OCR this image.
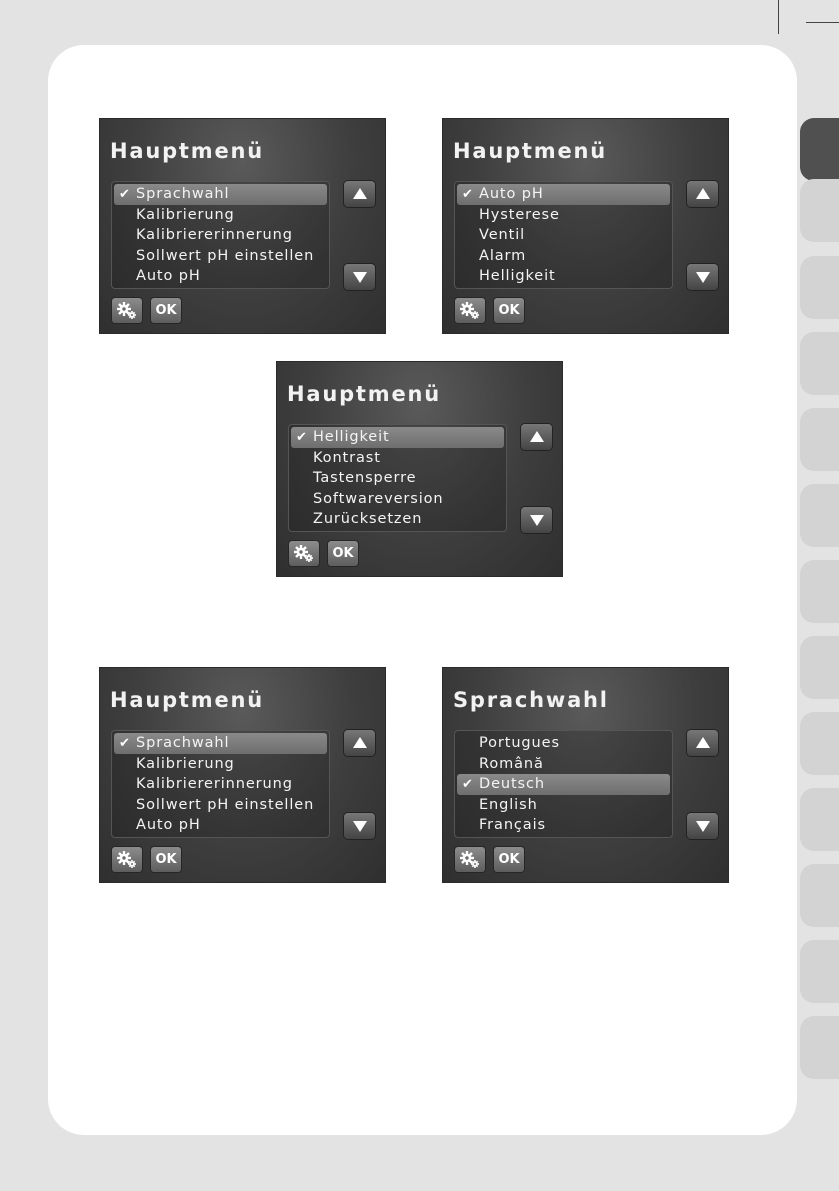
Hauptmenü
✔ Sprachwahl
Kalibrierung
Kalibriererinnerung
Sollwert pH einstellen
Auto pH
OK
Hauptmenü
✔ Auto pH
Hysterese
Ventil
Alarm
Helligkeit
OK
Hauptmenü
✔ Helligkeit
Kontrast
Tastensperre
Softwareversion
Zurücksetzen
OK
Hauptmenü
✔ Sprachwahl
Kalibrierung
Kalibriererinnerung
Sollwert pH einstellen
Auto pH
OK
Sprachwahl
Portugues
Română
✔ Deutsch
English
Français
OK
